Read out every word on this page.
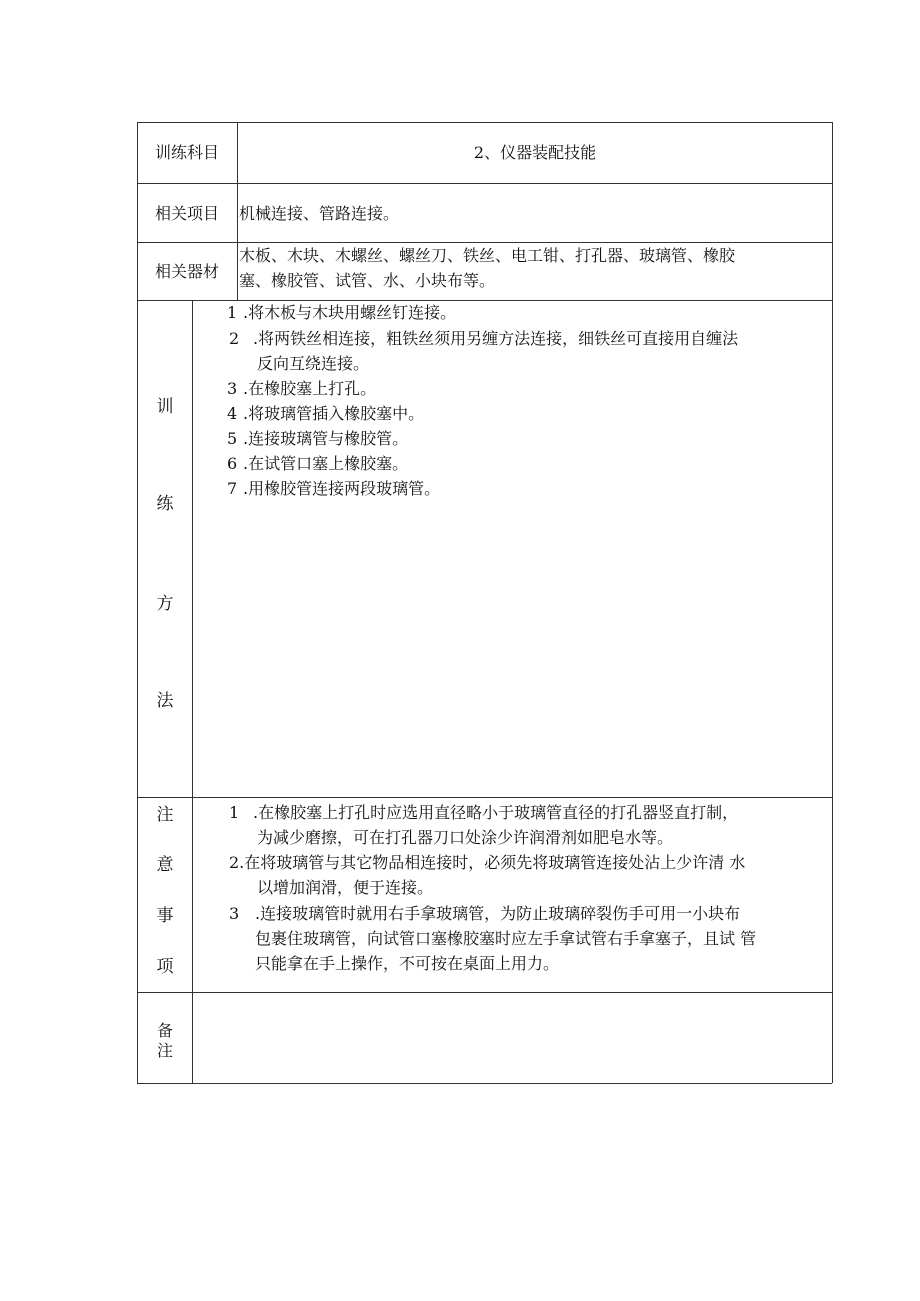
训练科目	2、仪器装配技能
相关项目	机械连接、管路连接。
相关器材
木板、木块、木螺丝、螺丝刀、铁丝、电工钳、打孔器、玻璃管、橡胶
塞、橡胶管、试管、水、小块布等。
训
练
方
法
1 .将木板与木块用螺丝钉连接。
2 .将两铁丝相连接，粗铁丝须用另缠方法连接，细铁丝可直接用自缠法
反向互绕连接。
3 .在橡胶塞上打孔。
4 .将玻璃管插入橡胶塞中。
5 .连接玻璃管与橡胶管。
6 .在试管口塞上橡胶塞。
7 .用橡胶管连接两段玻璃管。
注
意
事
项
1 .在橡胶塞上打孔时应选用直径略小于玻璃管直径的打孔器竖直打制，
为减少磨擦，可在打孔器刀口处涂少许润滑剂如肥皂水等。
2.在将玻璃管与其它物品相连接时，必须先将玻璃管连接处沾上少许清 水
以增加润滑，便于连接。
3 .连接玻璃管时就用右手拿玻璃管，为防止玻璃碎裂伤手可用一小块布
包裹住玻璃管，向试管口塞橡胶塞时应左手拿试管右手拿塞子，且试 管
只能拿在手上操作，不可按在桌面上用力。
备
注
